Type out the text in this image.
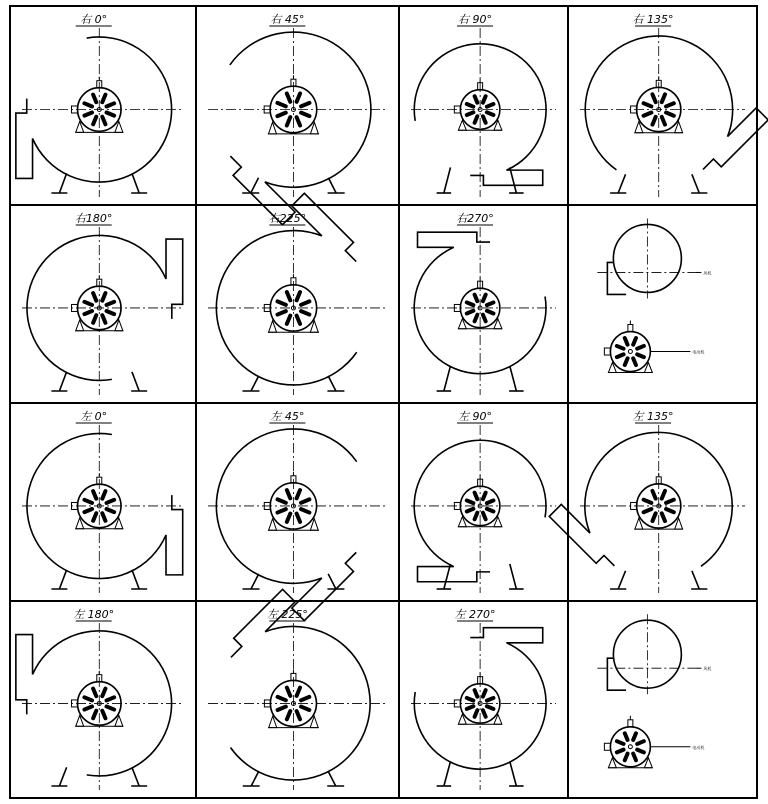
右 0°	右 45°	右 90°	右 135°
右180°	右225°	右270°
风机
电动机
左 0°	左 45°	左 90°	左 135°
左 180°	左 225°	左 270°
风机
电动机
